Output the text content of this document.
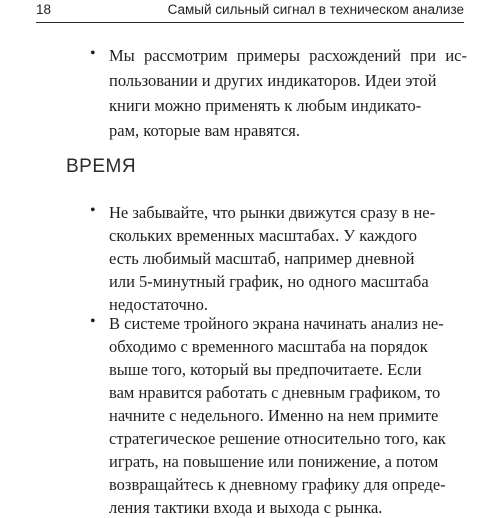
18	Самый сильный сигнал в техническом анализе
• Мы рассмотрим примеры расхождений при ис-
пользовании и других индикаторов. Идеи этой
книги можно применять к любым индикато-
рам, которые вам нравятся.
ВРЕМЯ
• Не забывайте, что рынки движутся сразу в не-
скольких временных масштабах. У каждого
есть любимый масштаб, например дневной
или 5-минутный график, но одного масштаба
недостаточно.
• В системе тройного экрана начинать анализ не-
обходимо с временного масштаба на порядок
выше того, который вы предпочитаете. Если
вам нравится работать с дневным графиком, то
начните с недельного. Именно на нем примите
стратегическое решение относительно того, как
играть, на повышение или понижение, а потом
возвращайтесь к дневному графику для опреде-
ления тактики входа и выхода с рынка.
